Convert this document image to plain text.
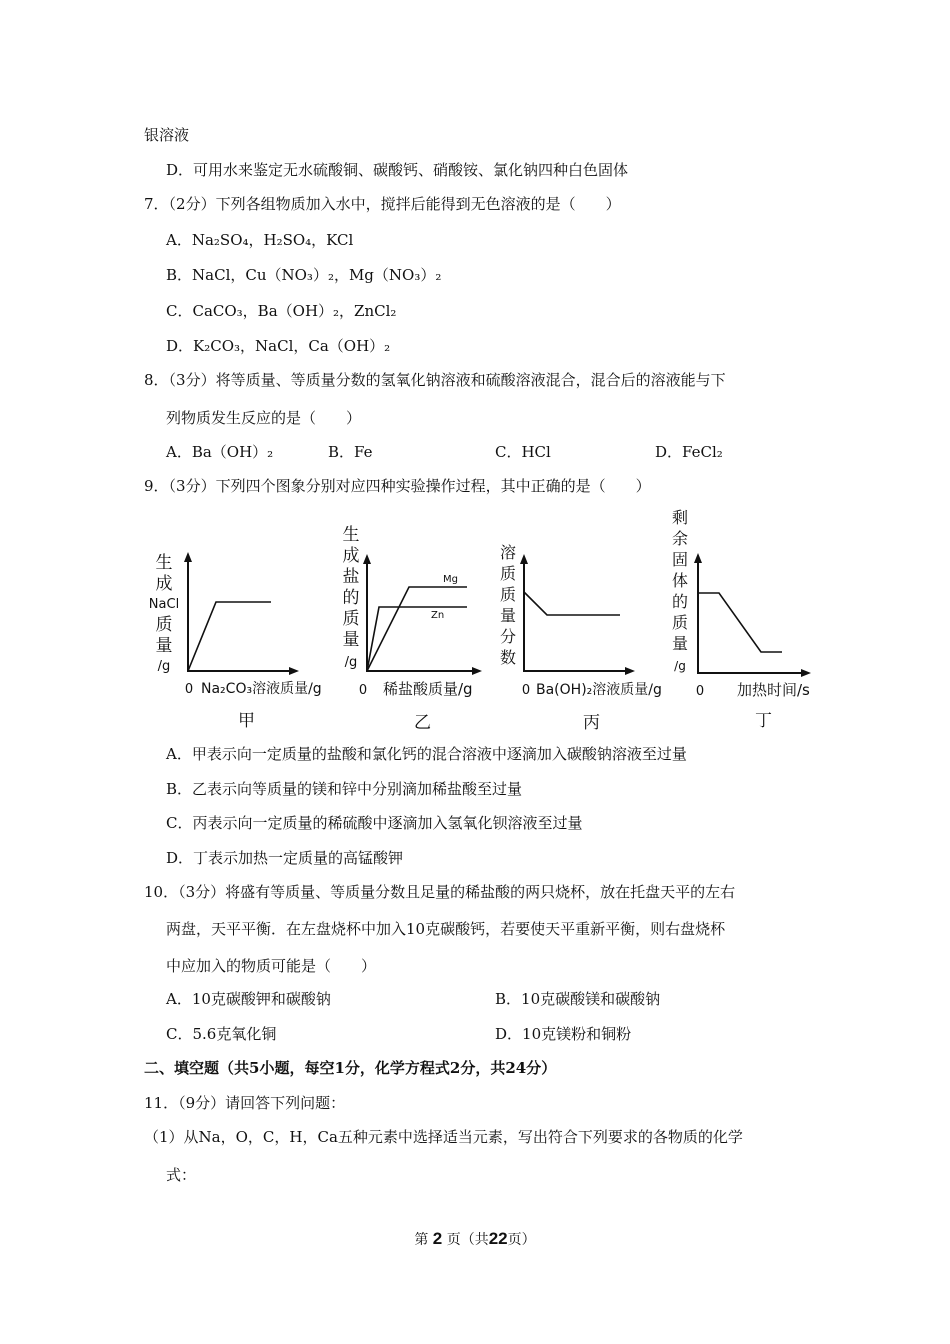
银溶液
D．可用水来鉴定无水硫酸铜、碳酸钙、硝酸铵、氯化钠四种白色固体
7．（2分）下列各组物质加入水中，搅拌后能得到无色溶液的是（　　）
A．Na₂SO₄，H₂SO₄，KCl
B．NaCl，Cu（NO₃）₂，Mg（NO₃）₂
C．CaCO₃，Ba（OH）₂，ZnCl₂
D．K₂CO₃，NaCl，Ca（OH）₂
8．（3分）将等质量、等质量分数的氢氧化钠溶液和硫酸溶液混合，混合后的溶液能与下
列物质发生反应的是（　　）
A．Ba（OH）₂	B．Fe	C．HCl	D．FeCl₂
9．（3分）下列四个图象分别对应四种实验操作过程，其中正确的是（　　）
生
成
NaCl
质
量
/g
0 Na₂CO₃溶液质量/g
甲
生
成
盐
的
质
量
/g
Mg
Zn
0 稀盐酸质量/g
乙
溶
质
质
量
分
数
0 Ba(OH)₂溶液质量/g
丙
剩
余
固
体
的
质
量
/g
0 加热时间/s
丁
A．甲表示向一定质量的盐酸和氯化钙的混合溶液中逐滴加入碳酸钠溶液至过量
B．乙表示向等质量的镁和锌中分别滴加稀盐酸至过量
C．丙表示向一定质量的稀硫酸中逐滴加入氢氧化钡溶液至过量
D．丁表示加热一定质量的高锰酸钾
10．（3分）将盛有等质量、等质量分数且足量的稀盐酸的两只烧杯，放在托盘天平的左右
两盘，天平平衡．在左盘烧杯中加入10克碳酸钙，若要使天平重新平衡，则右盘烧杯
中应加入的物质可能是（　　）
A．10克碳酸钾和碳酸钠	B．10克碳酸镁和碳酸钠
C．5.6克氧化铜	D．10克镁粉和铜粉
二、填空题（共5小题，每空1分，化学方程式2分，共24分）
11．（9分）请回答下列问题：
（1）从Na，O，C，H，Ca五种元素中选择适当元素，写出符合下列要求的各物质的化学
式：
第 2 页（共22页）
